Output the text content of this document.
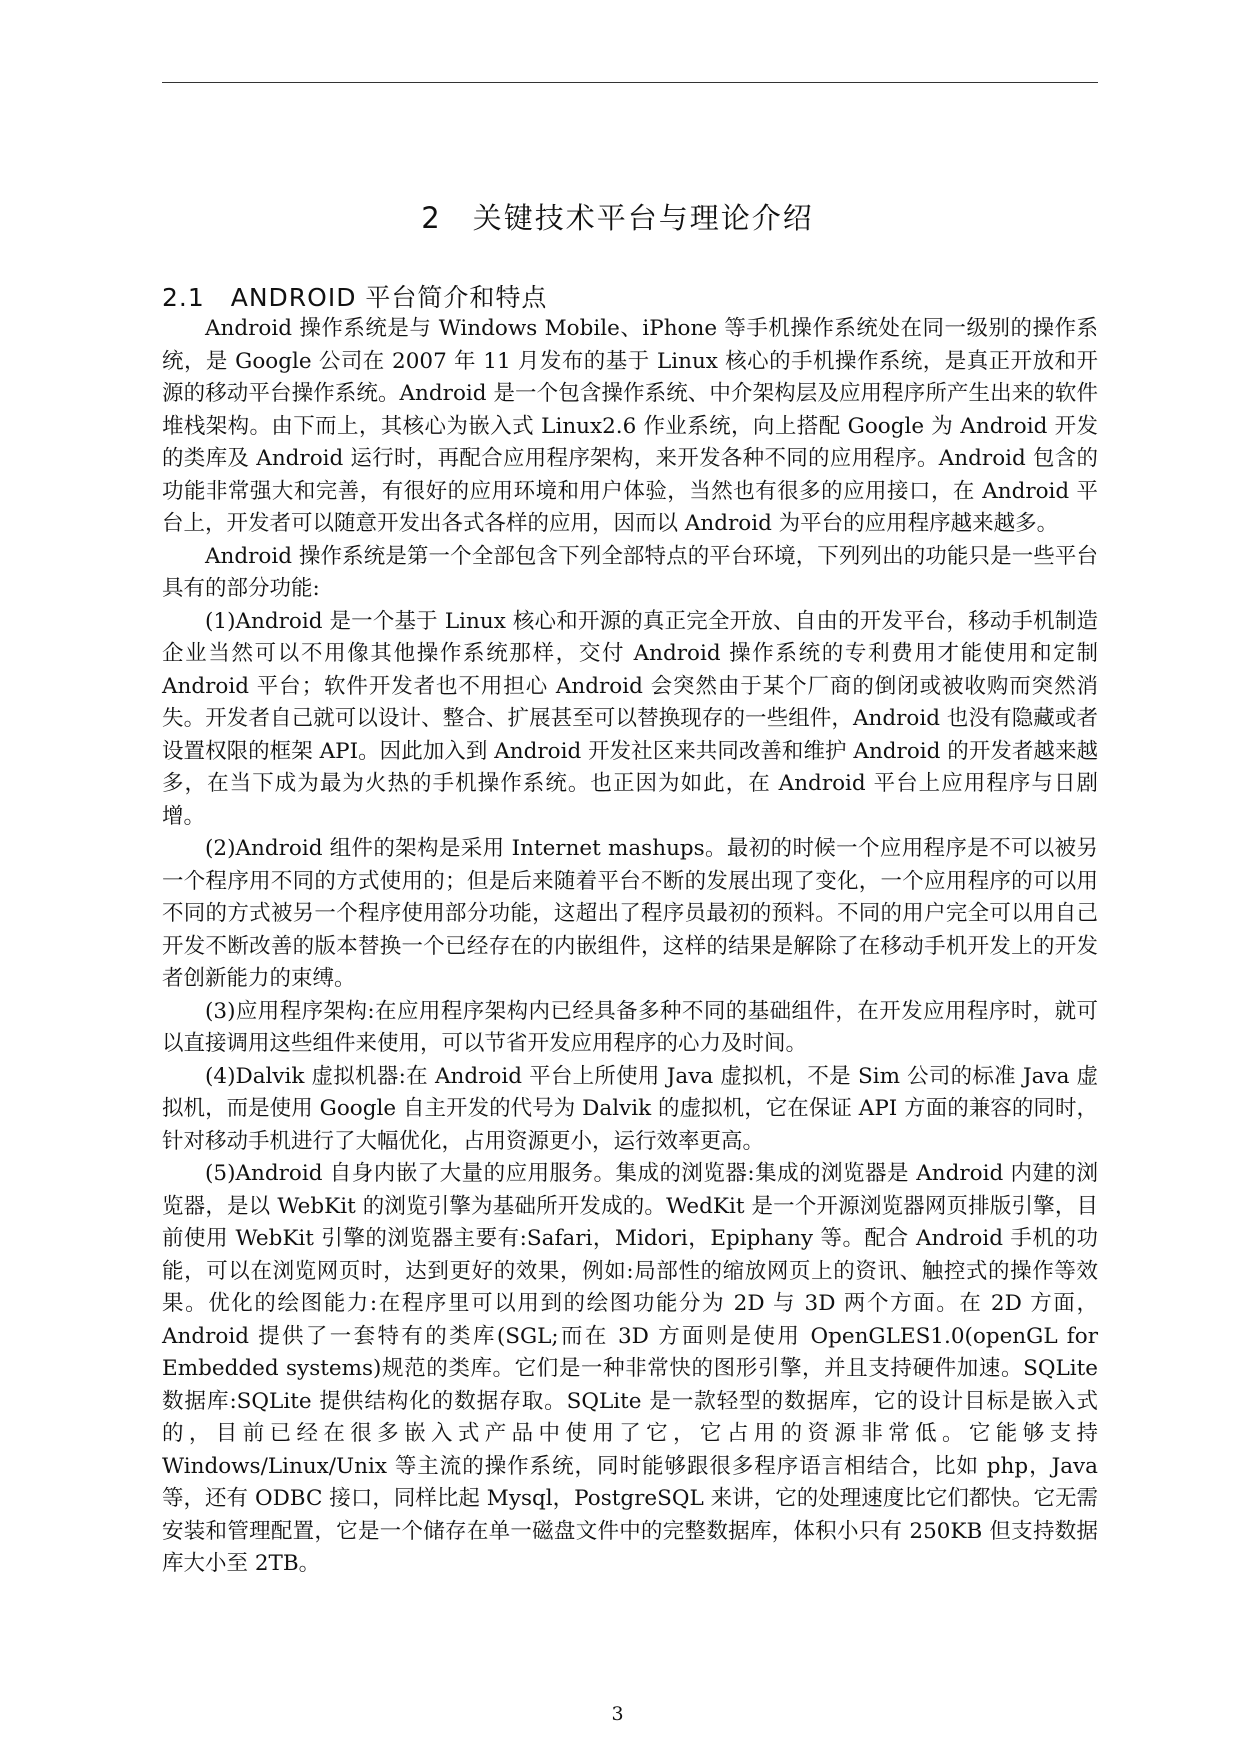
2　关键技术平台与理论介绍
2.1　ANDROID 平台简介和特点

Android 操作系统是与 Windows Mobile、iPhone 等手机操作系统处在同一级别的操作系统，是 Google 公司在 2007 年 11 月发布的基于 Linux 核心的手机操作系统，是真正开放和开源的移动平台操作系统。Android 是一个包含操作系统、中介架构层及应用程序所产生出来的软件堆栈架构。由下而上，其核心为嵌入式 Linux2.6 作业系统，向上搭配 Google 为 Android 开发的类库及 Android 运行时，再配合应用程序架构，来开发各种不同的应用程序。Android 包含的功能非常强大和完善，有很好的应用环境和用户体验，当然也有很多的应用接口，在 Android 平台上，开发者可以随意开发出各式各样的应用，因而以 Android 为平台的应用程序越来越多。

Android 操作系统是第一个全部包含下列全部特点的平台环境，下列列出的功能只是一些平台具有的部分功能:

(1)Android 是一个基于 Linux 核心和开源的真正完全开放、自由的开发平台，移动手机制造企业当然可以不用像其他操作系统那样，交付 Android 操作系统的专利费用才能使用和定制 Android 平台；软件开发者也不用担心 Android 会突然由于某个厂商的倒闭或被收购而突然消失。开发者自己就可以设计、整合、扩展甚至可以替换现存的一些组件，Android 也没有隐藏或者设置权限的框架 API。因此加入到 Android 开发社区来共同改善和维护 Android 的开发者越来越多，在当下成为最为火热的手机操作系统。也正因为如此，在 Android 平台上应用程序与日剧增。

(2)Android 组件的架构是采用 Internet mashups。最初的时候一个应用程序是不可以被另一个程序用不同的方式使用的；但是后来随着平台不断的发展出现了变化，一个应用程序的可以用不同的方式被另一个程序使用部分功能，这超出了程序员最初的预料。不同的用户完全可以用自己开发不断改善的版本替换一个已经存在的内嵌组件，这样的结果是解除了在移动手机开发上的开发者创新能力的束缚。

(3)应用程序架构:在应用程序架构内已经具备多种不同的基础组件，在开发应用程序时，就可以直接调用这些组件来使用，可以节省开发应用程序的心力及时间。

(4)Dalvik 虚拟机器:在 Android 平台上所使用 Java 虚拟机，不是 Sim 公司的标准 Java 虚拟机，而是使用 Google 自主开发的代号为 Dalvik 的虚拟机，它在保证 API 方面的兼容的同时，针对移动手机进行了大幅优化，占用资源更小，运行效率更高。

(5)Android 自身内嵌了大量的应用服务。集成的浏览器:集成的浏览器是 Android 内建的浏览器，是以 WebKit 的浏览引擎为基础所开发成的。WedKit 是一个开源浏览器网页排版引擎，目前使用 WebKit 引擎的浏览器主要有:Safari，Midori，Epiphany 等。配合 Android 手机的功能，可以在浏览网页时，达到更好的效果，例如:局部性的缩放网页上的资讯、触控式的操作等效果。优化的绘图能力:在程序里可以用到的绘图功能分为 2D 与 3D 两个方面。在 2D 方面，Android 提供了一套特有的类库(SGL;而在 3D 方面则是使用 OpenGLES1.0(openGL for Embedded systems)规范的类库。它们是一种非常快的图形引擎，并且支持硬件加速。SQLite 数据库:SQLite 提供结构化的数据存取。SQLite 是一款轻型的数据库，它的设计目标是嵌入式的，目前已经在很多嵌入式产品中使用了它，它占用的资源非常低。它能够支持 Windows/Linux/Unix 等主流的操作系统，同时能够跟很多程序语言相结合，比如 php，Java 等，还有 ODBC 接口，同样比起 Mysql，PostgreSQL 来讲，它的处理速度比它们都快。它无需安装和管理配置，它是一个储存在单一磁盘文件中的完整数据库，体积小只有 250KB 但支持数据库大小至 2TB。

3
